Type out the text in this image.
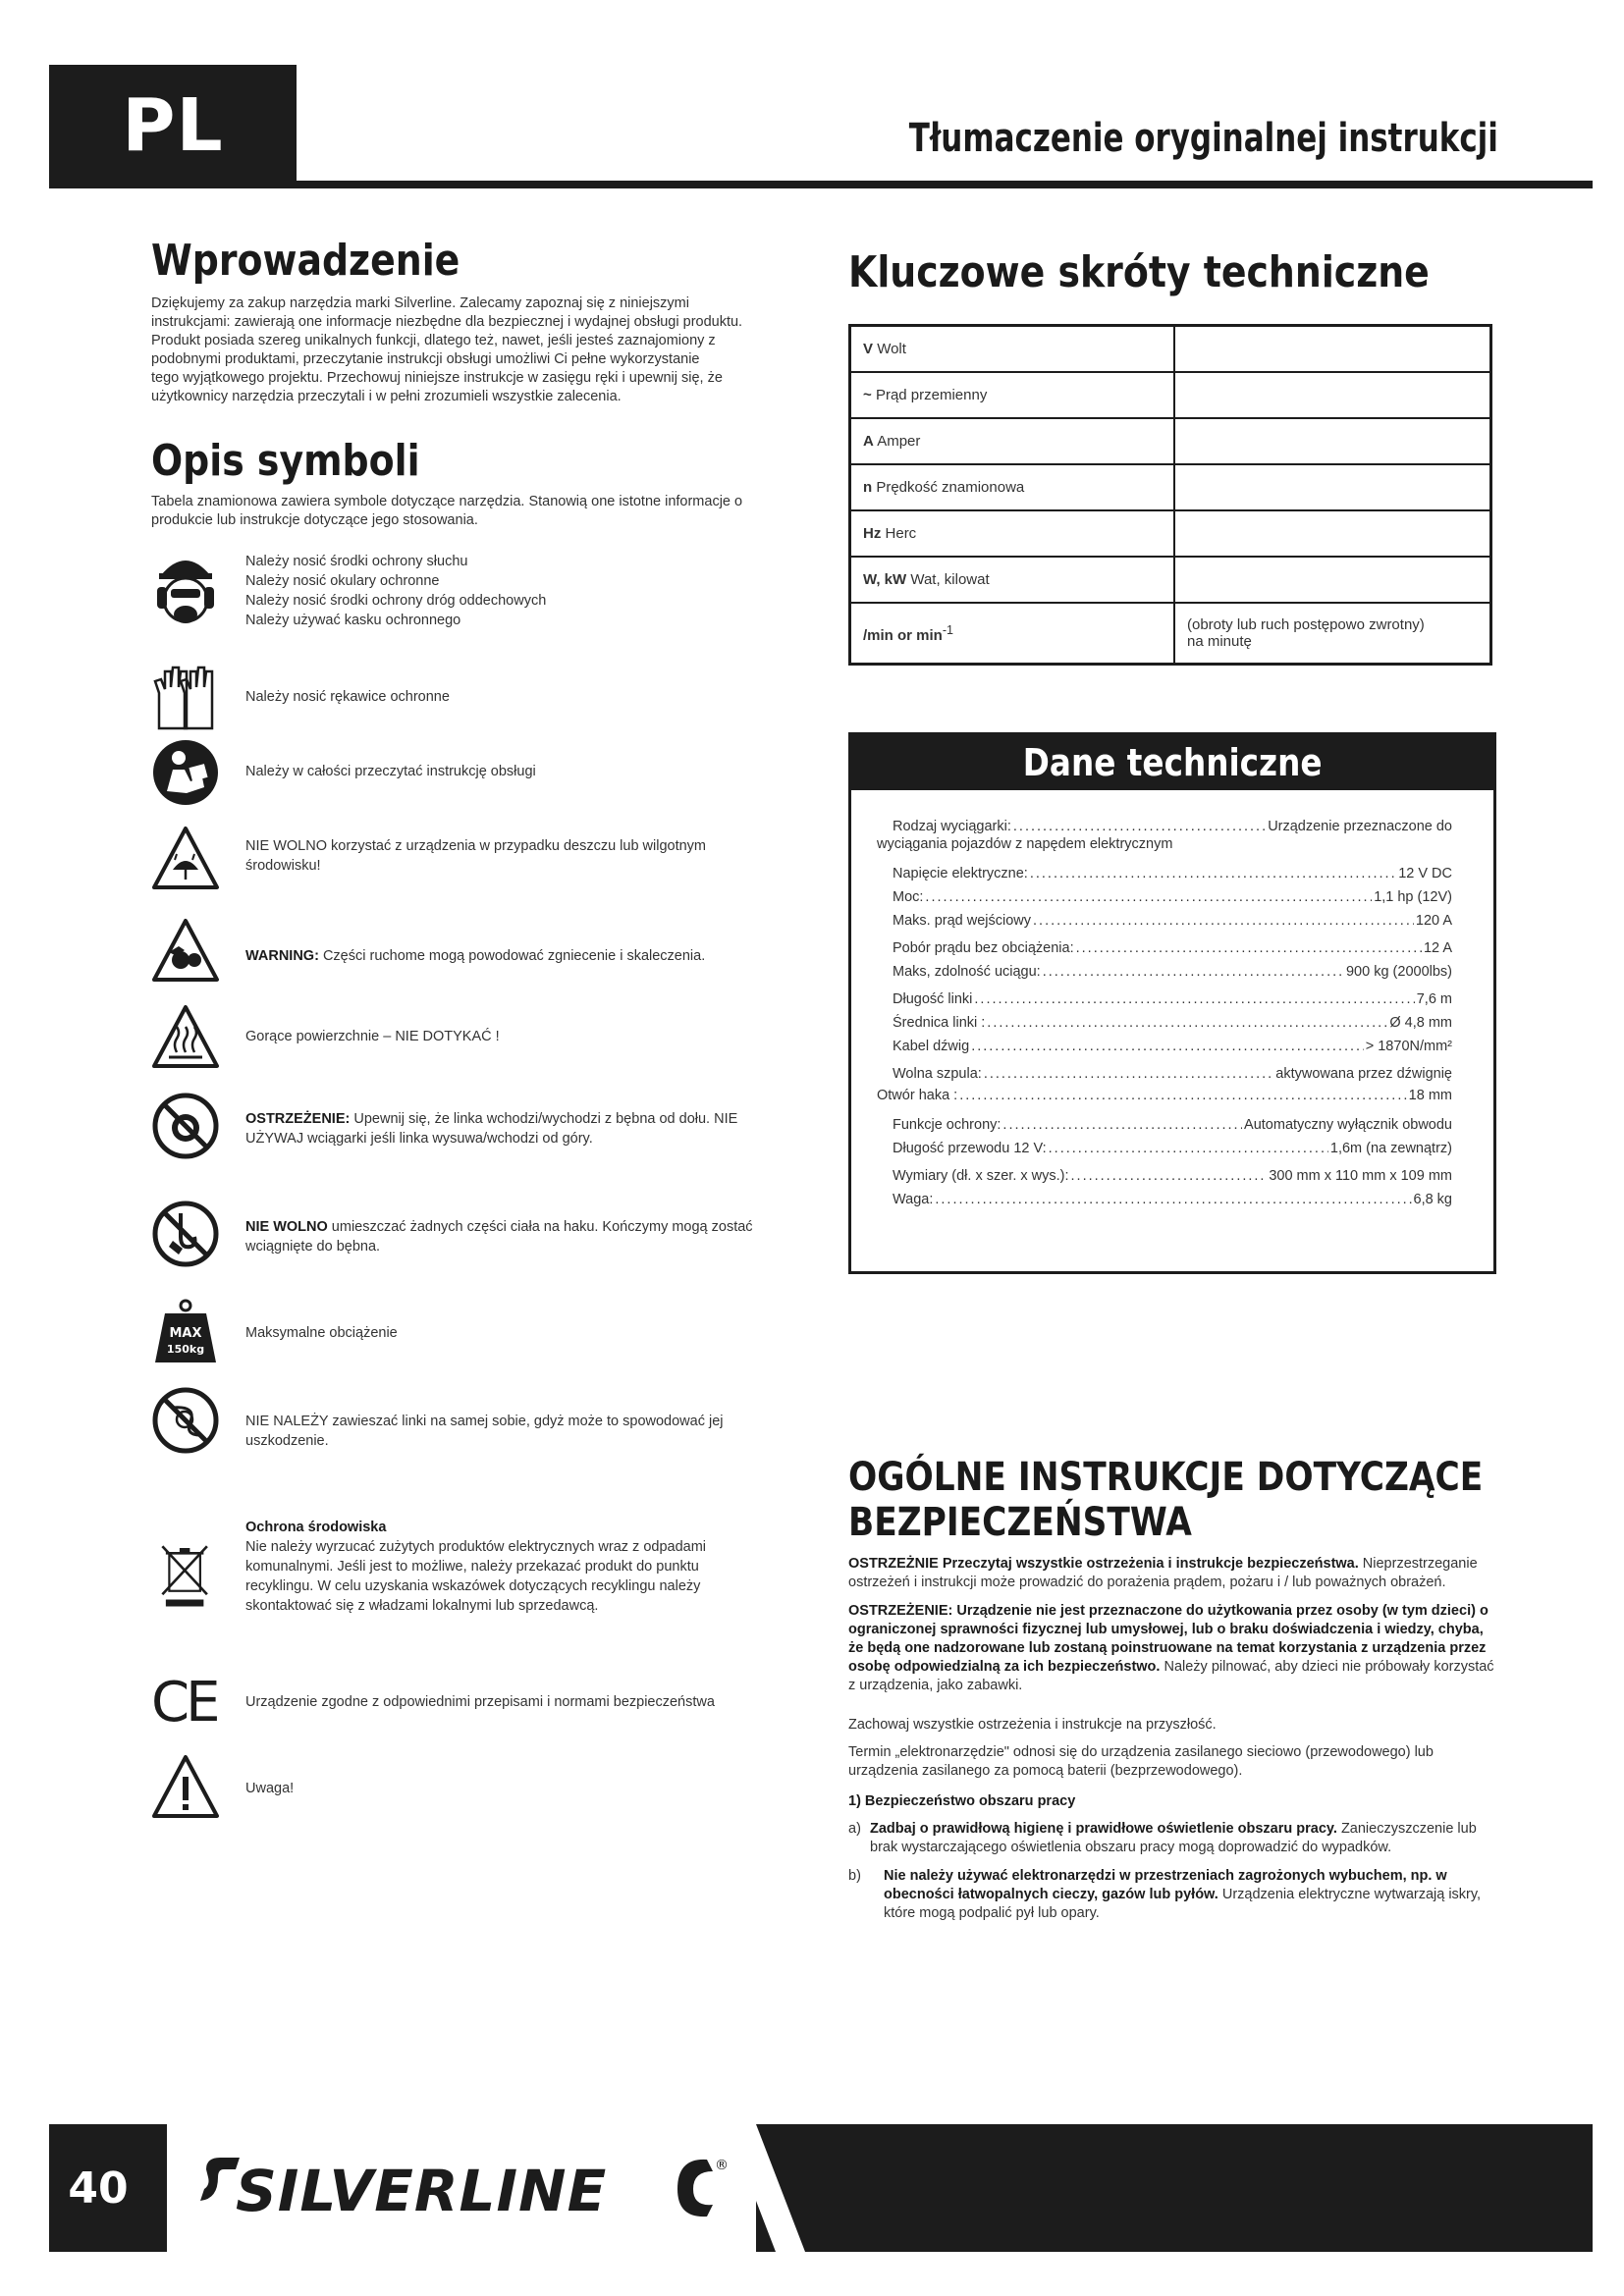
PL	Tłumaczenie oryginalnej instrukcji
Wprowadzenie
Dziękujemy za zakup narzędzia marki Silverline. Zalecamy zapoznaj się z niniejszymi
instrukcjami: zawierają one informacje niezbędne dla bezpiecznej i wydajnej obsługi produktu.
Produkt posiada szereg unikalnych funkcji, dlatego też, nawet, jeśli jesteś zaznajomiony z
podobnymi produktami, przeczytanie instrukcji obsługi umożliwi Ci pełne wykorzystanie
tego wyjątkowego projektu. Przechowuj niniejsze instrukcje w zasięgu ręki i upewnij się, że
użytkownicy narzędzia przeczytali i w pełni zrozumieli wszystkie zalecenia.
Opis symboli
Tabela znamionowa zawiera symbole dotyczące narzędzia. Stanowią one istotne informacje o
produkcie lub instrukcje dotyczące jego stosowania.
Należy nosić środki ochrony słuchu
Należy nosić okulary ochronne
Należy nosić środki ochrony dróg oddechowych
Należy używać kasku ochronnego
Należy nosić rękawice ochronne
Należy w całości przeczytać instrukcję obsługi
NIE WOLNO korzystać z urządzenia w przypadku deszczu lub wilgotnym
środowisku!
WARNING: Części ruchome mogą powodować zgniecenie i skaleczenia.
Gorące powierzchnie – NIE DOTYKAĆ !
OSTRZEŻENIE: Upewnij się, że linka wchodzi/wychodzi z bębna od dołu. NIE
UŻYWAJ wciągarki jeśli linka wysuwa/wchodzi od góry.
NIE WOLNO umieszczać żadnych części ciała na haku. Kończymy mogą zostać
wciągnięte do bębna.
MAX
150kg
Maksymalne obciążenie
NIE NALEŻY zawieszać linki na samej sobie, gdyż może to spowodować jej
uszkodzenie.
Ochrona środowiska
Nie należy wyrzucać zużytych produktów elektrycznych wraz z odpadami
komunalnymi. Jeśli jest to możliwe, należy przekazać produkt do punktu
recyklingu. W celu uzyskania wskazówek dotyczących recyklingu należy
skontaktować się z władzami lokalnymi lub sprzedawcą.
CE Urządzenie zgodne z odpowiednimi przepisami i normami bezpieczeństwa
Uwaga!
Kluczowe skróty techniczne
V Wolt	
~ Prąd przemienny	
A Amper	
n Prędkość znamionowa	
Hz Herc	
W, kW Wat, kilowat	
/min or $\min^{-1}$	(obroty lub ruch postępowo zwrotny)
na minutę
Dane techniczne
Rodzaj wyciągarki: .....	Urządzenie przeznaczone do
wyciągania pojazdów z napędem elektrycznym
Napięcie elektryczne: .....	12 V DC
Moc: .....	1,1 hp (12V)
Maks. prąd wejściowy .....	120 A
Pobór prądu bez obciążenia: .....	12 A
Maks, zdolność uciągu: .....	900 kg (2000lbs)
Długość linki .....	7,6 m
Średnica linki : .....	Ø 4,8 mm
Kabel dźwig .....	> 1870N/mm²
Wolna szpula: .....	aktywowana przez dźwignię
Otwór haka : .....	18 mm
Funkcje ochrony: .....	Automatyczny wyłącznik obwodu
Długość przewodu 12 V: .....	1,6m (na zewnątrz)
Wymiary (dł. x szer. x wys.): .....	300 mm x 110 mm x 109 mm
Waga: .....	6,8 kg
OGÓLNE INSTRUKCJE DOTYCZĄCE
BEZPIECZEŃSTWA
OSTRZEŻNIE Przeczytaj wszystkie ostrzeżenia i instrukcje bezpieczeństwa. Nieprzestrzeganie ostrzeżeń i instrukcji może prowadzić do porażenia prądem, pożaru i / lub poważnych obrażeń.
OSTRZEŻENIE: Urządzenie nie jest przeznaczone do użytkowania przez osoby (w tym dzieci) o ograniczonej sprawności fizycznej lub umysłowej, lub o braku doświadczenia i wiedzy, chyba, że będą one nadzorowane lub zostaną poinstruowane na temat korzystania z urządzenia przez osobę odpowiedzialną za ich bezpieczeństwo. Należy pilnować, aby dzieci nie próbowały korzystać z urządzenia, jako zabawki.
Zachowaj wszystkie ostrzeżenia i instrukcje na przyszłość.
Termin „elektronarzędzie" odnosi się do urządzenia zasilanego sieciowo (przewodowego) lub urządzenia zasilanego za pomocą baterii (bezprzewodowego).
1) Bezpieczeństwo obszaru pracy
a) Zadbaj o prawidłową higienę i prawidłowe oświetlenie obszaru pracy. Zanieczyszczenie lub brak wystarczającego oświetlenia obszaru pracy mogą doprowadzić do wypadków.
b) Nie należy używać elektronarzędzi w przestrzeniach zagrożonych wybuchem, np. w obecności łatwopalnych cieczy, gazów lub pyłów. Urządzenia elektryczne wytwarzają iskry, które mogą podpalić pył lub opary.
40	SILVERLINE	®
